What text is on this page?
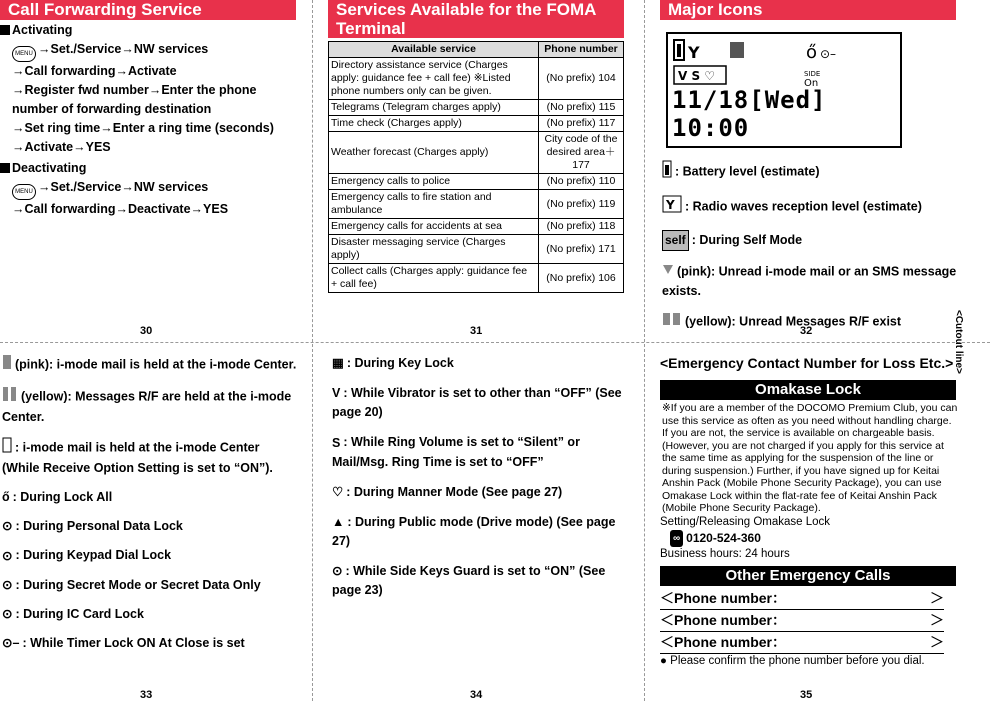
Call Forwarding Service
Activating
MENU →Set./Service→NW services
→Call forwarding→Activate
→Register fwd number→Enter the phone
number of forwarding destination
→Set ring time→Enter a ring time (seconds)
→Activate→YES
Deactivating
MENU →Set./Service→NW services
→Call forwarding→Deactivate→YES
30
Services Available for the FOMA Terminal
Available service	Phone number
Directory assistance service (Charges apply: guidance fee + call fee) ※Listed phone numbers only can be given.	(No prefix) 104
Telegrams (Telegram charges apply)	(No prefix) 115
Time check (Charges apply)	(No prefix) 117
Weather forecast (Charges apply)	City code of the desired area＋177
Emergency calls to police	(No prefix) 110
Emergency calls to fire station and ambulance	(No prefix) 119
Emergency calls for accidents at sea	(No prefix) 118
Disaster messaging service (Charges apply)	(No prefix) 171
Collect calls (Charges apply: guidance fee + call fee)	(No prefix) 106
31
Major Icons
Y	ő ⊙–
V S ♡	SIDE
On
11/18[Wed] 10:00
: Battery level (estimate)
Y : Radio waves reception level (estimate)
self : During Self Mode
(pink): Unread i-mode mail or an SMS message exists.
(yellow): Unread Messages R/F exist
32
(pink): i-mode mail is held at the i-mode Center.
(yellow): Messages R/F are held at the i-mode Center.
: i-mode mail is held at the i-mode Center (While Receive Option Setting is set to “ON”).
ő : During Lock All
⊙ : During Personal Data Lock
⊙ : During Keypad Dial Lock
⊙ : During Secret Mode or Secret Data Only
⊙ : During IC Card Lock
⊙– : While Timer Lock ON At Close is set
33
▦ : During Key Lock
V : While Vibrator is set to other than “OFF” (See page 20)
S : While Ring Volume is set to “Silent” or Mail/Msg. Ring Time is set to “OFF”
♡ : During Manner Mode (See page 27)
▲ : During Public mode (Drive mode) (See page 27)
⊙ : While Side Keys Guard is set to “ON” (See page 23)
34
<Emergency Contact Number for Loss Etc.>
Omakase Lock
※If you are a member of the DOCOMO Premium Club, you can use this service as often as you need without handling charge. If you are not, the service is available on chargeable basis. (However, you are not charged if you apply for this service at the same time as applying for the suspension of the line or during suspension.) Further, if you have signed up for Keitai Anshin Pack (Mobile Phone Security Package), you can use Omakase Lock within the flat-rate fee of Keitai Anshin Pack (Mobile Phone Security Package).
Setting/Releasing Omakase Lock
∞ 0120-524-360
Business hours: 24 hours
Other Emergency Calls
＜Phone number：	＞
＜Phone number：	＞
＜Phone number：	＞
● Please confirm the phone number before you dial.
35
<Cutout line>
